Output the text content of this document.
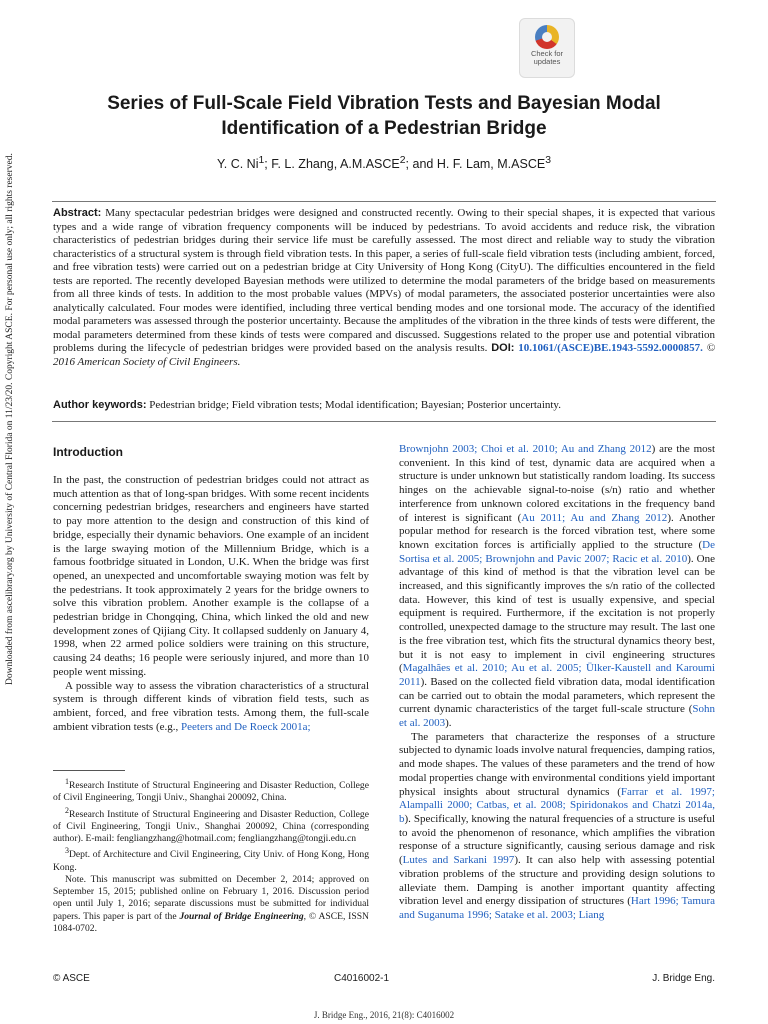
Downloaded from ascelibrary.org by University of Central Florida on 11/23/20. Copyright ASCE. For personal use only; all rights reserved.
Check for
updates
Series of Full-Scale Field Vibration Tests and Bayesian Modal
Identification of a Pedestrian Bridge
Y. C. Ni$^1$; F. L. Zhang, A.M.ASCE$^2$; and H. F. Lam, M.ASCE$^3$

Abstract: Many spectacular pedestrian bridges were designed and constructed recently. Owing to their special shapes, it is expected that various types and a wide range of vibration frequency components will be induced by pedestrians. To avoid accidents and reduce risk, the vibration characteristics of pedestrian bridges during their service life must be carefully assessed. The most direct and reliable way to study the vibration characteristics of a structural system is through field vibration tests. In this paper, a series of full-scale field vibration tests (including ambient, forced, and free vibration tests) were carried out on a pedestrian bridge at City University of Hong Kong (CityU). The difficulties encountered in the field tests are reported. The recently developed Bayesian methods were utilized to determine the modal parameters of the bridge based on measurements from all three kinds of tests. In addition to the most probable values (MPVs) of modal parameters, the associated posterior uncertainties were also analytically calculated. Four modes were identified, including three vertical bending modes and one torsional mode. The accuracy of the identified modal parameters was assessed through the posterior uncertainty. Because the amplitudes of the vibration in the three kinds of tests were different, the modal parameters determined from these kinds of tests were compared and discussed. Suggestions related to the proper use and potential vibration problems during the lifecycle of pedestrian bridges were provided based on the analysis results. DOI: 10.1061/(ASCE)BE.1943-5592.0000857. © 2016 American Society of Civil Engineers.

Author keywords: Pedestrian bridge; Field vibration tests; Modal identification; Bayesian; Posterior uncertainty.
Introduction

In the past, the construction of pedestrian bridges could not attract as much attention as that of long-span bridges. With some recent incidents concerning pedestrian bridges, researchers and engineers have started to pay more attention to the design and construction of this kind of bridge, especially their dynamic behaviors. One example of an incident is the large swaying motion of the Millennium Bridge, which is a famous footbridge situated in London, U.K. When the bridge was first opened, an unexpected and uncomfortable swaying motion was felt by the pedestrians. It took approximately 2 years for the bridge owners to solve this vibration problem. Another example is the collapse of a pedestrian bridge in Chongqing, China, which linked the old and new development zones of Qijiang City. It collapsed suddenly on January 4, 1998, when 22 armed police soldiers were training on this structure, causing 24 deaths; 16 people were seriously injured, and more than 10 people went missing.

A possible way to assess the vibration characteristics of a structural system is through different kinds of vibration field tests, such as ambient, forced, and free vibration tests. Among them, the full-scale ambient vibration tests (e.g., Peeters and De Roeck 2001a;

$^1$Research Institute of Structural Engineering and Disaster Reduction, College of Civil Engineering, Tongji Univ., Shanghai 200092, China.

$^2$Research Institute of Structural Engineering and Disaster Reduction, College of Civil Engineering, Tongji Univ., Shanghai 200092, China (corresponding author). E-mail: fengliangzhang@hotmail.com; fengliangzhang@tongji.edu.cn

$^3$Dept. of Architecture and Civil Engineering, City Univ. of Hong Kong, Hong Kong.

Note. This manuscript was submitted on December 2, 2014; approved on September 15, 2015; published online on February 1, 2016. Discussion period open until July 1, 2016; separate discussions must be submitted for individual papers. This paper is part of the Journal of Bridge Engineering, © ASCE, ISSN 1084-0702.

Brownjohn 2003; Choi et al. 2010; Au and Zhang 2012) are the most convenient. In this kind of test, dynamic data are acquired when a structure is under unknown but statistically random loading. Its success hinges on the achievable signal-to-noise (s/n) ratio and whether interference from unknown colored excitations in the frequency band of interest is significant (Au 2011; Au and Zhang 2012). Another popular method for research is the forced vibration test, where some known excitation forces is artificially applied to the structure (De Sortisa et al. 2005; Brownjohn and Pavic 2007; Racic et al. 2010). One advantage of this kind of method is that the vibration level can be increased, and this significantly improves the s/n ratio of the collected data. However, this kind of test is usually expensive, and special equipment is required. Furthermore, if the excitation is not properly controlled, unexpected damage to the structure may result. The last one is the free vibration test, which fits the structural dynamics theory best, but it is not easy to implement in civil engineering structures (Magalhães et al. 2010; Au et al. 2005; Ülker-Kaustell and Karoumi 2011). Based on the collected field vibration data, modal identification can be carried out to obtain the modal parameters, which represent the current dynamic characteristics of the target full-scale structure (Sohn et al. 2003).

The parameters that characterize the responses of a structure subjected to dynamic loads involve natural frequencies, damping ratios, and mode shapes. The values of these parameters and the trend of how modal properties change with environmental conditions yield important physical insights about structural dynamics (Farrar et al. 1997; Alampalli 2000; Catbas, et al. 2008; Spiridonakos and Chatzi 2014a, b). Specifically, knowing the natural frequencies of a structure is useful to avoid the phenomenon of resonance, which amplifies the vibration response of a structure significantly, causing serious damage and risk (Lutes and Sarkani 1997). It can also help with assessing potential vibration problems of the structure and providing design solutions to alleviate them. Damping is another important quantity affecting vibration level and energy dissipation of structures (Hart 1996; Tamura and Suganuma 1996; Satake et al. 2003; Liang

© ASCE	C4016002-1	J. Bridge Eng.
J. Bridge Eng., 2016, 21(8): C4016002
